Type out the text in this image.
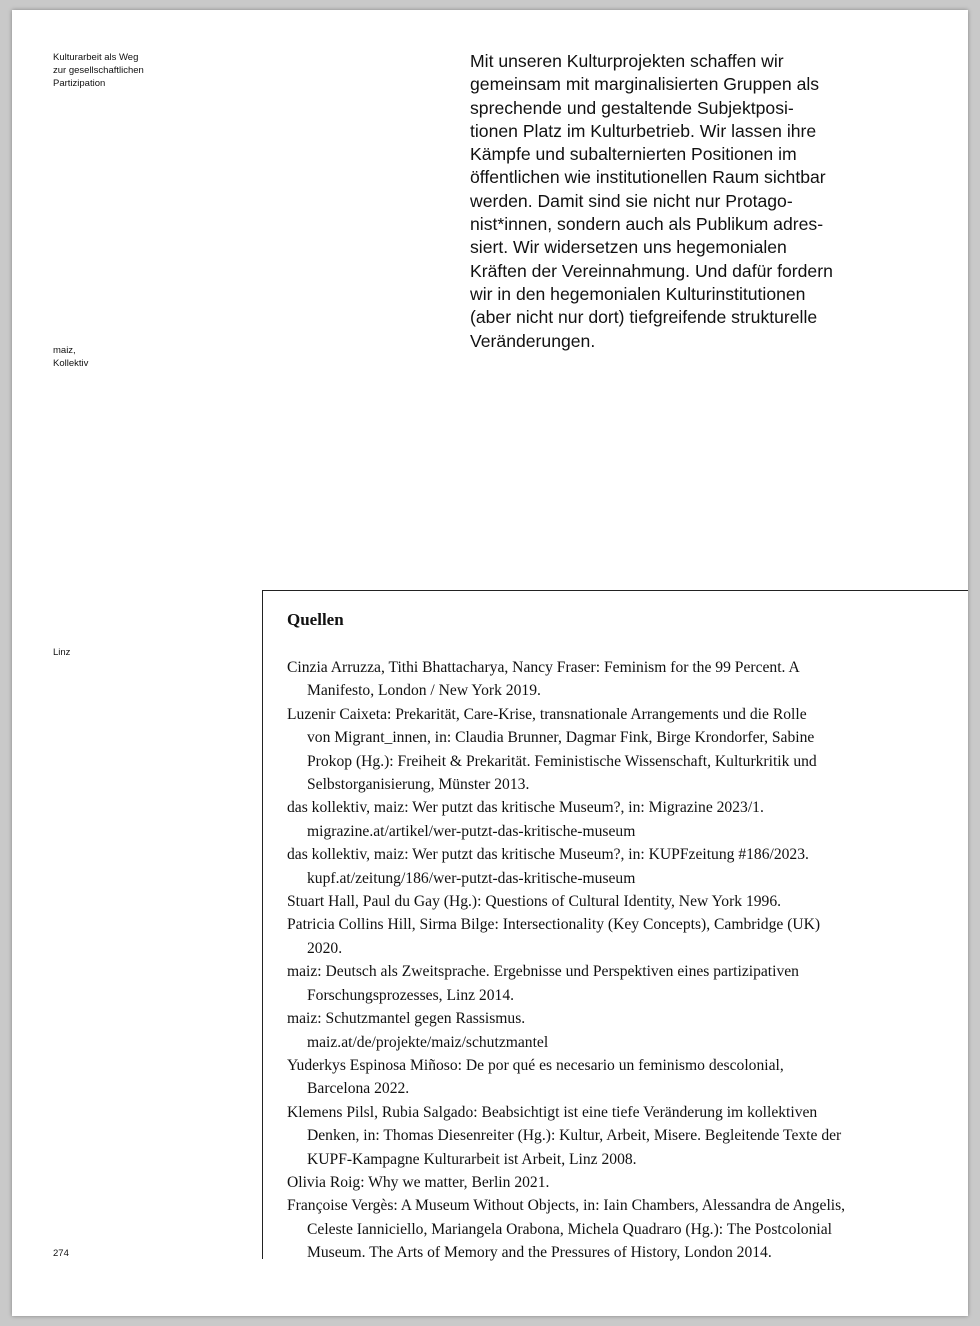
Kulturarbeit als Weg
zur gesellschaftlichen
Partizipation
maiz,
Kollektiv
Linz
274
Mit unseren Kulturprojekten schaffen wir
gemeinsam mit marginalisierten Gruppen als
sprechende und gestaltende Subjektposi-
tionen Platz im Kulturbetrieb. Wir lassen ihre
Kämpfe und subalternierten Positionen im
öffentlichen wie institutionellen Raum sichtbar
werden. Damit sind sie nicht nur Protago-
nist*innen, sondern auch als Publikum adres-
siert. Wir widersetzen uns hegemonialen
Kräften der Vereinnahmung. Und dafür fordern
wir in den hegemonialen Kulturinstitutionen
(aber nicht nur dort) tiefgreifende strukturelle
Veränderungen.
Quellen
Cinzia Arruzza, Tithi Bhattacharya, Nancy Fraser: Feminism for the 99 Percent. A
Manifesto, London / New York 2019.
Luzenir Caixeta: Prekarität, Care-Krise, transnationale Arrangements und die Rolle
von Migrant_innen, in: Claudia Brunner, Dagmar Fink, Birge Krondorfer, Sabine
Prokop (Hg.): Freiheit & Prekarität. Feministische Wissenschaft, Kulturkritik und
Selbstorganisierung, Münster 2013.
das kollektiv, maiz: Wer putzt das kritische Museum?, in: Migrazine 2023/1.
migrazine.at/artikel/wer-putzt-das-kritische-museum
das kollektiv, maiz: Wer putzt das kritische Museum?, in: KUPFzeitung #186/2023.
kupf.at/zeitung/186/wer-putzt-das-kritische-museum
Stuart Hall, Paul du Gay (Hg.): Questions of Cultural Identity, New York 1996.
Patricia Collins Hill, Sirma Bilge: Intersectionality (Key Concepts), Cambridge (UK)
2020.
maiz: Deutsch als Zweitsprache. Ergebnisse und Perspektiven eines partizipativen
Forschungsprozesses, Linz 2014.
maiz: Schutzmantel gegen Rassismus.
maiz.at/de/projekte/maiz/schutzmantel
Yuderkys Espinosa Miñoso: De por qué es necesario un feminismo descolonial,
Barcelona 2022.
Klemens Pilsl, Rubia Salgado: Beabsichtigt ist eine tiefe Veränderung im kollektiven
Denken, in: Thomas Diesenreiter (Hg.): Kultur, Arbeit, Misere. Begleitende Texte der
KUPF-Kampagne Kulturarbeit ist Arbeit, Linz 2008.
Olivia Roig: Why we matter, Berlin 2021.
Françoise Vergès: A Museum Without Objects, in: Iain Chambers, Alessandra de Angelis,
Celeste Ianniciello, Mariangela Orabona, Michela Quadraro (Hg.): The Postcolonial
Museum. The Arts of Memory and the Pressures of History, London 2014.
